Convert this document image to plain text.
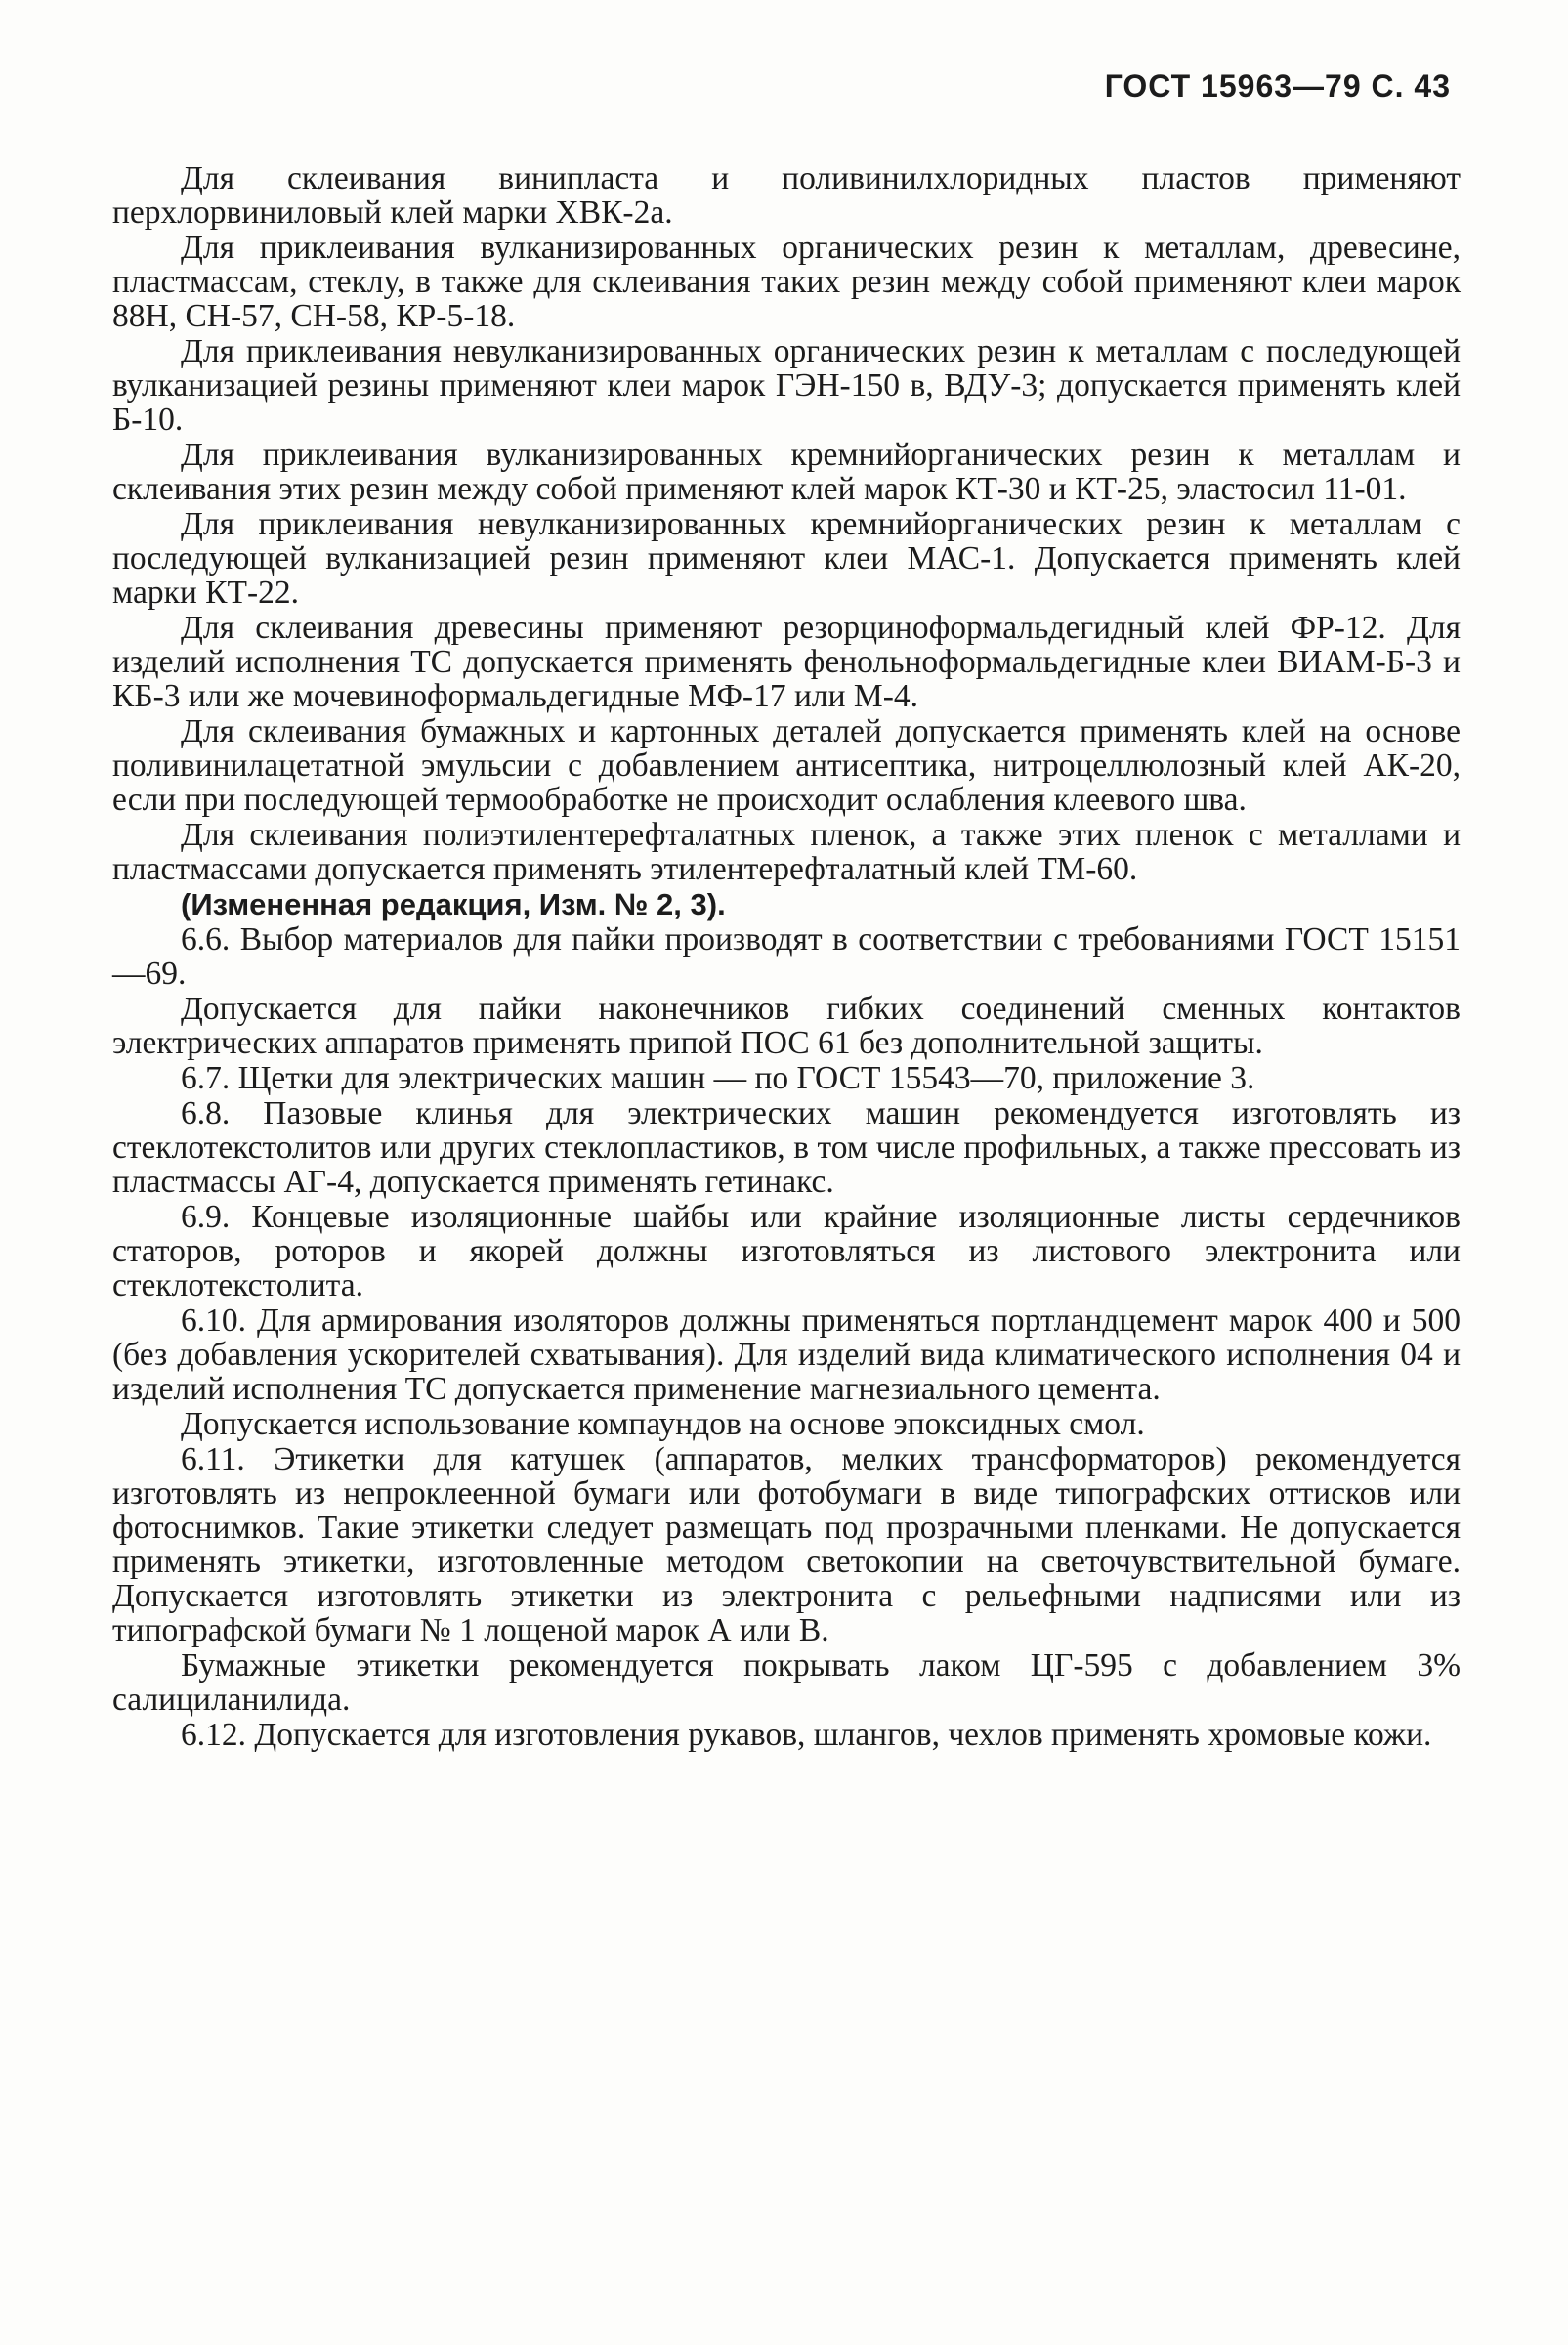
ГОСТ 15963—79 С. 43

Для склеивания винипласта и поливинилхлоридных пластов применяют перхлорвиниловый клей марки ХВК-2а.

Для приклеивания вулканизированных органических резин к металлам, древесине, пластмассам, стеклу, в также для склеивания таких резин между собой применяют клеи марок 88Н, СН-57, СН-58, КР-5-18.

Для приклеивания невулканизированных органических резин к металлам с последующей вулканизацией резины применяют клеи марок ГЭН-150 в, ВДУ-3; допускается применять клей Б-10.

Для приклеивания вулканизированных кремнийорганических резин к металлам и склеивания этих резин между собой применяют клей марок КТ-30 и КТ-25, эластосил 11-01.

Для приклеивания невулканизированных кремнийорганических резин к металлам с последующей вулканизацией резин применяют клеи МАС-1. Допускается применять клей марки КТ-22.

Для склеивания древесины применяют резорциноформальдегидный клей ФР-12. Для изделий исполнения ТС допускается применять фенольноформальдегидные клеи ВИАМ-Б-3 и КБ-3 или же мочевиноформальдегидные МФ-17 или М-4.

Для склеивания бумажных и картонных деталей допускается применять клей на основе поливинилацетатной эмульсии с добавлением антисептика, нитроцеллюлозный клей АК-20, если при последующей термообработке не происходит ослабления клеевого шва.

Для склеивания полиэтилентерефталатных пленок, а также этих пленок с металлами и пластмассами допускается применять этилентерефталатный клей ТМ-60.

(Измененная редакция, Изм. № 2, 3).

6.6. Выбор материалов для пайки производят в соответствии с требованиями ГОСТ 15151—69.

Допускается для пайки наконечников гибких соединений сменных контактов электрических аппаратов применять припой ПОС 61 без дополнительной защиты.

6.7. Щетки для электрических машин — по ГОСТ 15543—70, приложение 3.

6.8. Пазовые клинья для электрических машин рекомендуется изготовлять из стеклотекстолитов или других стеклопластиков, в том числе профильных, а также прессовать из пластмассы АГ-4, допускается применять гетинакс.

6.9. Концевые изоляционные шайбы или крайние изоляционные листы сердечников статоров, роторов и якорей должны изготовляться из листового электронита или стеклотекстолита.

6.10. Для армирования изоляторов должны применяться портландцемент марок 400 и 500 (без добавления ускорителей схватывания). Для изделий вида климатического исполнения 04 и изделий исполнения ТС допускается применение магнезиального цемента.

Допускается использование компаундов на основе эпоксидных смол.

6.11. Этикетки для катушек (аппаратов, мелких трансформаторов) рекомендуется изготовлять из непроклеенной бумаги или фотобумаги в виде типографских оттисков или фотоснимков. Такие этикетки следует размещать под прозрачными пленками. Не допускается применять этикетки, изготовленные методом светокопии на светочувствительной бумаге. Допускается изготовлять этикетки из электронита с рельефными надписями или из типографской бумаги № 1 лощеной марок А или В.

Бумажные этикетки рекомендуется покрывать лаком ЦГ-595 с добавлением 3% салициланилида.

6.12. Допускается для изготовления рукавов, шлангов, чехлов применять хромовые кожи.
